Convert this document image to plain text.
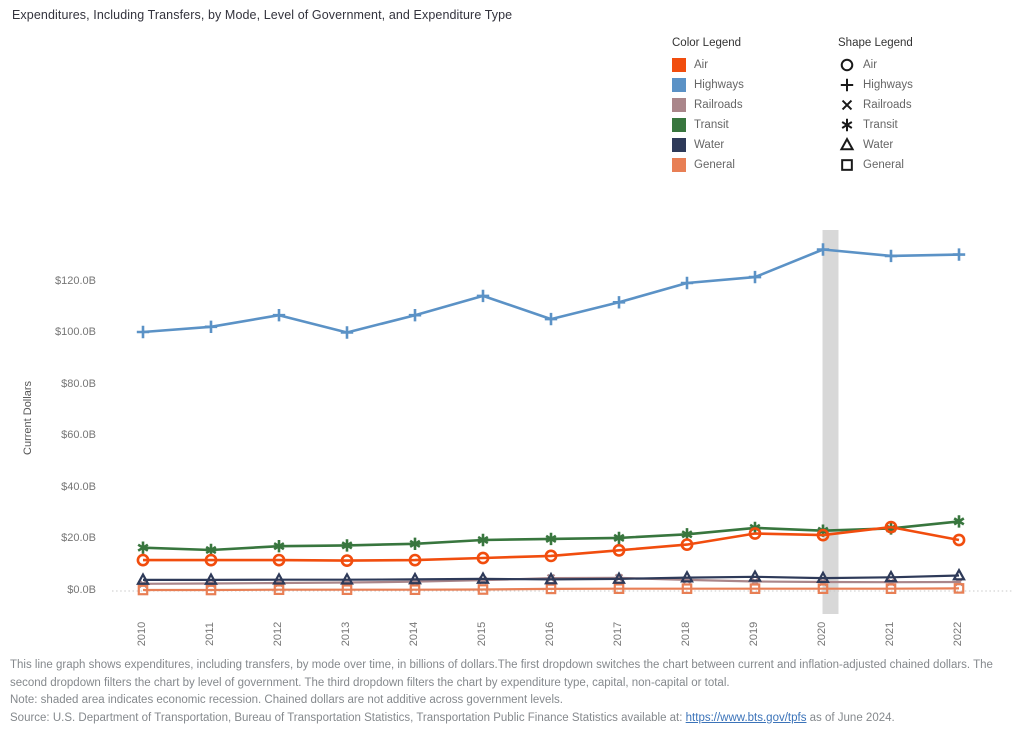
Expenditures, Including Transfers, by Mode, Level of Government, and Expenditure Type
Color Legend
Air
Highways
Railroads
Transit
Water
General
Shape Legend
Air
Highways
Railroads
Transit
Water
General
Current Dollars
$0.0B
$20.0B
$40.0B
$60.0B
$80.0B
$100.0B
$120.0B
2010	2011	2012	2013	2014	2015	2016	2017	2018	2019	2020	2021	2022
This line graph shows expenditures, including transfers, by mode over time, in billions of dollars.The first dropdown switches the chart between current and inflation-adjusted chained dollars. The second dropdown filters the chart by level of government. The third dropdown filters the chart by expenditure type, capital, non-capital or total.
Note: shaded area indicates economic recession. Chained dollars are not additive across government levels.
Source: U.S. Department of Transportation, Bureau of Transportation Statistics, Transportation Public Finance Statistics available at: https://www.bts.gov/tpfs as of June 2024.
